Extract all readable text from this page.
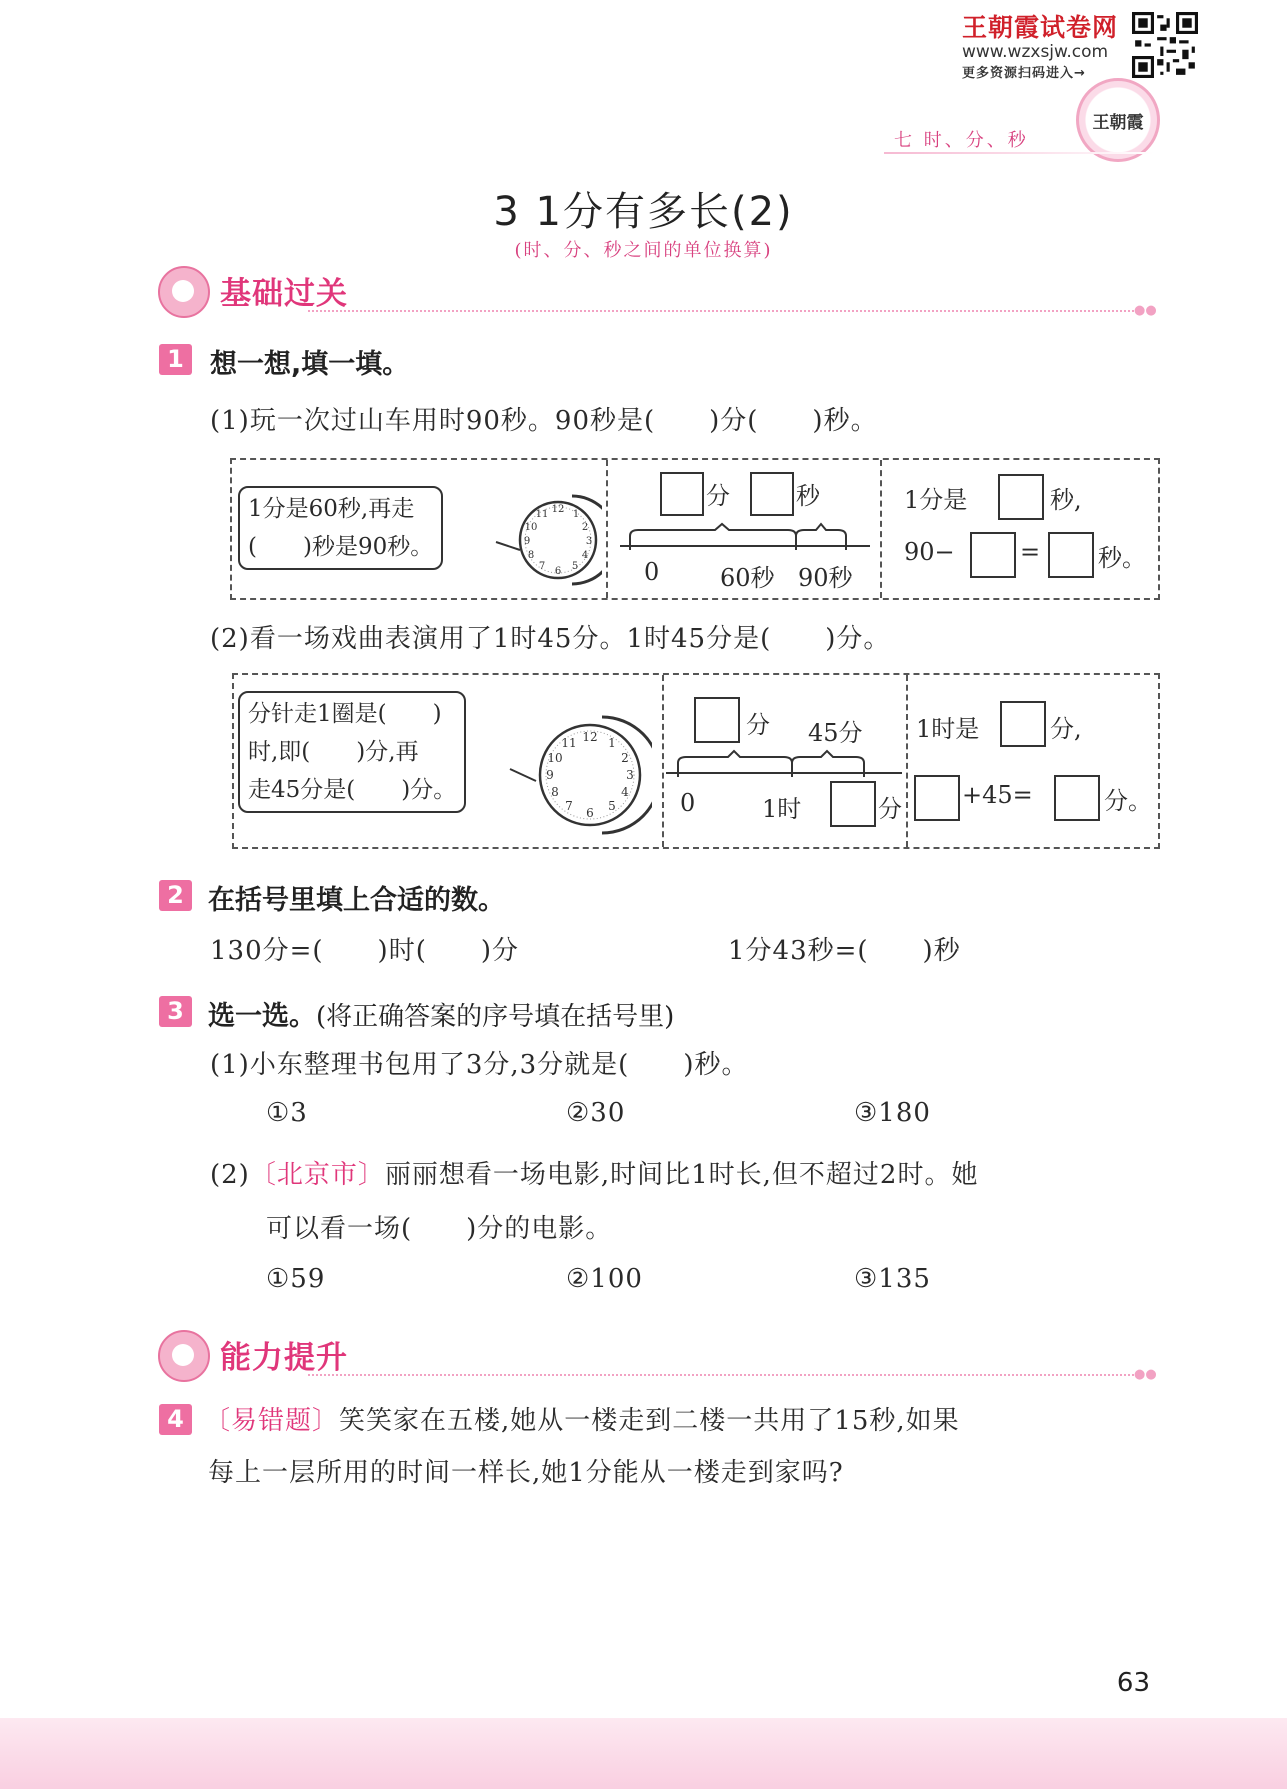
王朝霞试卷网
www.wzxsjw.com
更多资源扫码进入→
王朝霞
七 时、分、秒
3 1分有多长(2)
(时、分、秒之间的单位换算)
基础过关	●●
1 想一想,填一填。
(1)玩一次过山车用时90秒。90秒是(　　)分(　　)秒。
1分是60秒,再走
(　　)秒是90秒。
12 1
2
3
4
5
6
7
8
9
10
11
分	秒
0	60秒 90秒
1分是	秒,
90−	= 秒。
(2)看一场戏曲表演用了1时45分。1时45分是(　　)分。
分针走1圈是(　　)
时,即(　　)分,再
走45分是(　　)分。
12 1
2
3
4
5
6
7
8
9
10
11
分 45分
0	1时	分
1时是	分,
+45=	分。
2 在括号里填上合适的数。
130分=(　　)时(　　)分	1分43秒=(　　)秒
3 选一选。(将正确答案的序号填在括号里)
(1)小东整理书包用了3分,3分就是(　　)秒。
①3	②30	③180
(2)〔北京市〕丽丽想看一场电影,时间比1时长,但不超过2时。她
可以看一场(　　)分的电影。
①59	②100	③135
能力提升	●●
4 〔易错题〕笑笑家在五楼,她从一楼走到二楼一共用了15秒,如果
每上一层所用的时间一样长,她1分能从一楼走到家吗?
63
